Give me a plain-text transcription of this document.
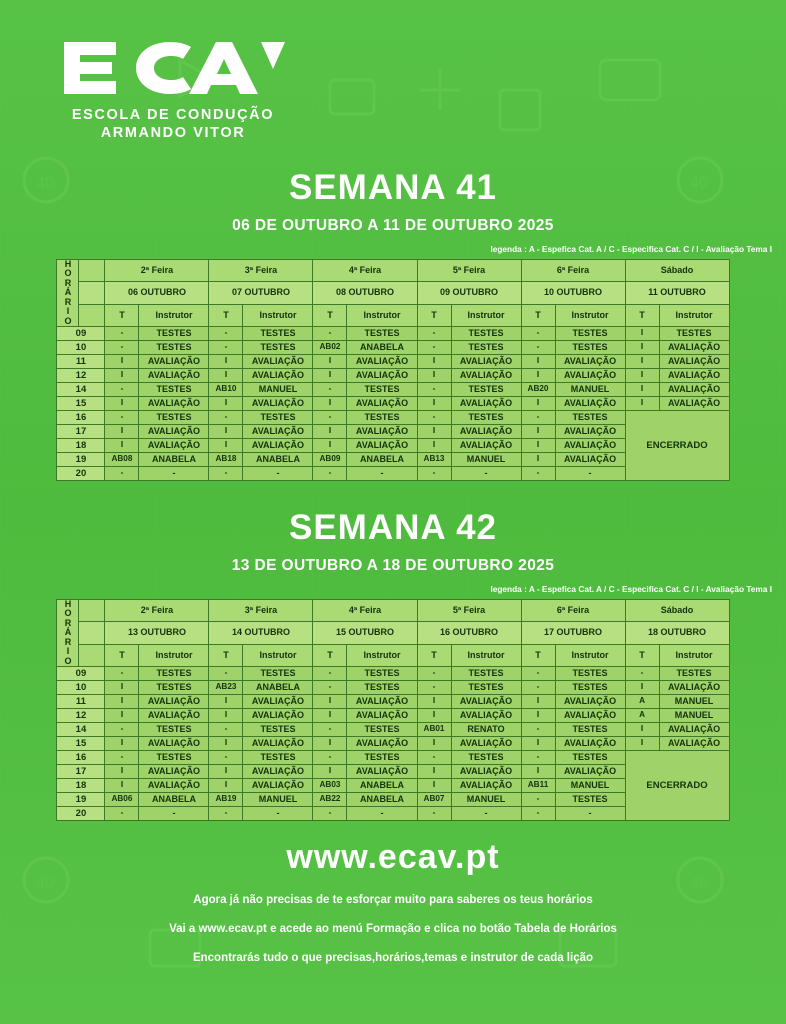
40	40
40	40
ESCOLA DE CONDUÇÃO
ARMANDO VITOR
SEMANA 41
06 DE OUTUBRO A 11 DE OUTUBRO 2025
legenda : A - Espefica Cat. A / C - Especifica Cat. C / I - Avaliação Tema I
H
O
R
Á
R
I
O
		2ª Feira	3ª Feira	4ª Feira	5ª Feira	6ª Feira	Sábado
		06 OUTUBRO		07 OUTUBRO		08 OUTUBRO		09 OUTUBRO		10 OUTUBRO		11 OUTUBRO	
		T	Instrutor	T	Instrutor	T	Instrutor	T	Instrutor	T	Instrutor	T	Instrutor
09		-	TESTES	-	TESTES	-	TESTES	-	TESTES	-	TESTES	I	TESTES
10		-	TESTES	-	TESTES	AB02	ANABELA	-	TESTES	-	TESTES	I	AVALIAÇÃO
11		I	AVALIAÇÃO	I	AVALIAÇÃO	I	AVALIAÇÃO	I	AVALIAÇÃO	I	AVALIAÇÃO	I	AVALIAÇÃO
12		I	AVALIAÇÃO	I	AVALIAÇÃO	I	AVALIAÇÃO	I	AVALIAÇÃO	I	AVALIAÇÃO	I	AVALIAÇÃO
14		-	TESTES	AB10	MANUEL	-	TESTES	-	TESTES	AB20	MANUEL	I	AVALIAÇÃO
15		I	AVALIAÇÃO	I	AVALIAÇÃO	I	AVALIAÇÃO	I	AVALIAÇÃO	I	AVALIAÇÃO	I	AVALIAÇÃO
16		-	TESTES	-	TESTES	-	TESTES	-	TESTES	-	TESTES	ENCERRADO	
17		I	AVALIAÇÃO	I	AVALIAÇÃO	I	AVALIAÇÃO	I	AVALIAÇÃO	I	AVALIAÇÃO		
18		I	AVALIAÇÃO	I	AVALIAÇÃO	I	AVALIAÇÃO	I	AVALIAÇÃO	I	AVALIAÇÃO		
19		AB08	ANABELA	AB18	ANABELA	AB09	ANABELA	AB13	MANUEL	I	AVALIAÇÃO		
20		-	-	-	-	-	-	-	-	-	-		
SEMANA 42
13 DE OUTUBRO A 18 DE OUTUBRO 2025
legenda : A - Espefica Cat. A / C - Especifica Cat. C / I - Avaliação Tema I
H
O
R
Á
R
I
O
		2ª Feira	3ª Feira	4ª Feira	5ª Feira	6ª Feira	Sábado
		13 OUTUBRO		14 OUTUBRO		15 OUTUBRO		16 OUTUBRO		17 OUTUBRO		18 OUTUBRO	
		T	Instrutor	T	Instrutor	T	Instrutor	T	Instrutor	T	Instrutor	T	Instrutor
09		-	TESTES	-	TESTES	-	TESTES	-	TESTES	-	TESTES	-	TESTES
10		I	TESTES	AB23	ANABELA	-	TESTES	-	TESTES	-	TESTES	I	AVALIAÇÃO
11		I	AVALIAÇÃO	I	AVALIAÇÃO	I	AVALIAÇÃO	I	AVALIAÇÃO	I	AVALIAÇÃO	A	MANUEL
12		I	AVALIAÇÃO	I	AVALIAÇÃO	I	AVALIAÇÃO	I	AVALIAÇÃO	I	AVALIAÇÃO	A	MANUEL
14		-	TESTES	-	TESTES	-	TESTES	AB01	RENATO	-	TESTES	I	AVALIAÇÃO
15		I	AVALIAÇÃO	I	AVALIAÇÃO	I	AVALIAÇÃO	I	AVALIAÇÃO	I	AVALIAÇÃO	I	AVALIAÇÃO
16		-	TESTES	-	TESTES	-	TESTES	-	TESTES	-	TESTES	ENCERRADO	
17		I	AVALIAÇÃO	I	AVALIAÇÃO	I	AVALIAÇÃO	I	AVALIAÇÃO	I	AVALIAÇÃO		
18		I	AVALIAÇÃO	I	AVALIAÇÃO	AB03	ANABELA	I	AVALIAÇÃO	AB11	MANUEL		
19		AB06	ANABELA	AB19	MANUEL	AB22	ANABELA	AB07	MANUEL	-	TESTES		
20		-	-	-	-	-	-	-	-	-	-		
www.ecav.pt
Agora já não precisas de te esforçar muito para saberes os teus horários
Vai a www.ecav.pt e acede ao menú Formação e clica no botão Tabela de Horários
Encontrarás tudo o que precisas,horários,temas e instrutor de cada lição
